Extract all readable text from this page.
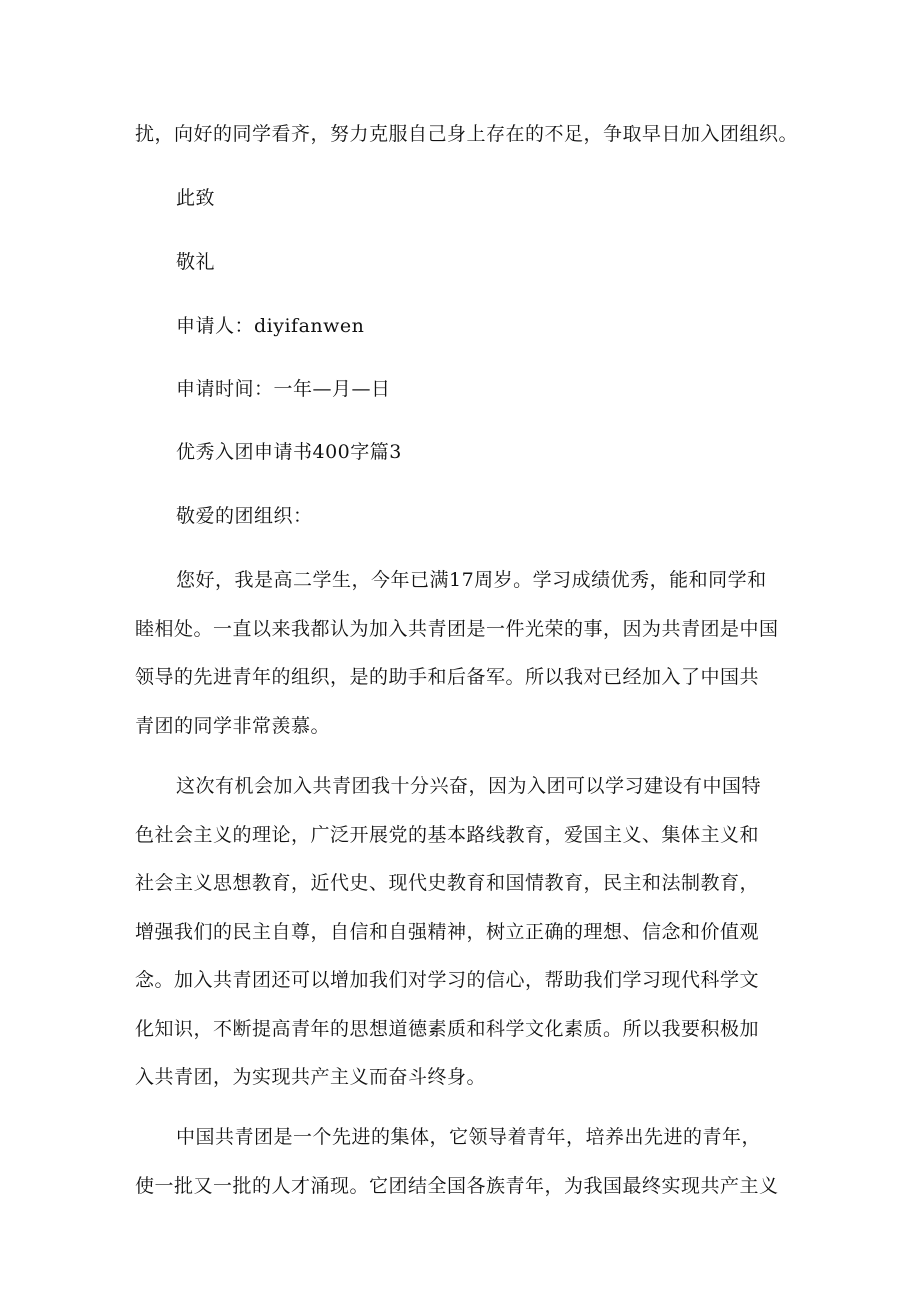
扰，向好的同学看齐，努力克服自己身上存在的不足，争取早日加入团组织。
此致
敬礼
申请人：diyifanwen
申请时间：一年—月—日
优秀入团申请书400字篇3
敬爱的团组织：
您好，我是高二学生，今年已满17周岁。学习成绩优秀，能和同学和
睦相处。一直以来我都认为加入共青团是一件光荣的事，因为共青团是中国
领导的先进青年的组织，是的助手和后备军。所以我对已经加入了中国共
青团的同学非常羡慕。
这次有机会加入共青团我十分兴奋，因为入团可以学习建设有中国特
色社会主义的理论，广泛开展党的基本路线教育，爱国主义、集体主义和
社会主义思想教育，近代史、现代史教育和国情教育，民主和法制教育，
增强我们的民主自尊，自信和自强精神，树立正确的理想、信念和价值观
念。加入共青团还可以增加我们对学习的信心，帮助我们学习现代科学文
化知识，不断提高青年的思想道德素质和科学文化素质。所以我要积极加
入共青团，为实现共产主义而奋斗终身。
中国共青团是一个先进的集体，它领导着青年，培养出先进的青年，
使一批又一批的人才涌现。它团结全国各族青年，为我国最终实现共产主义
